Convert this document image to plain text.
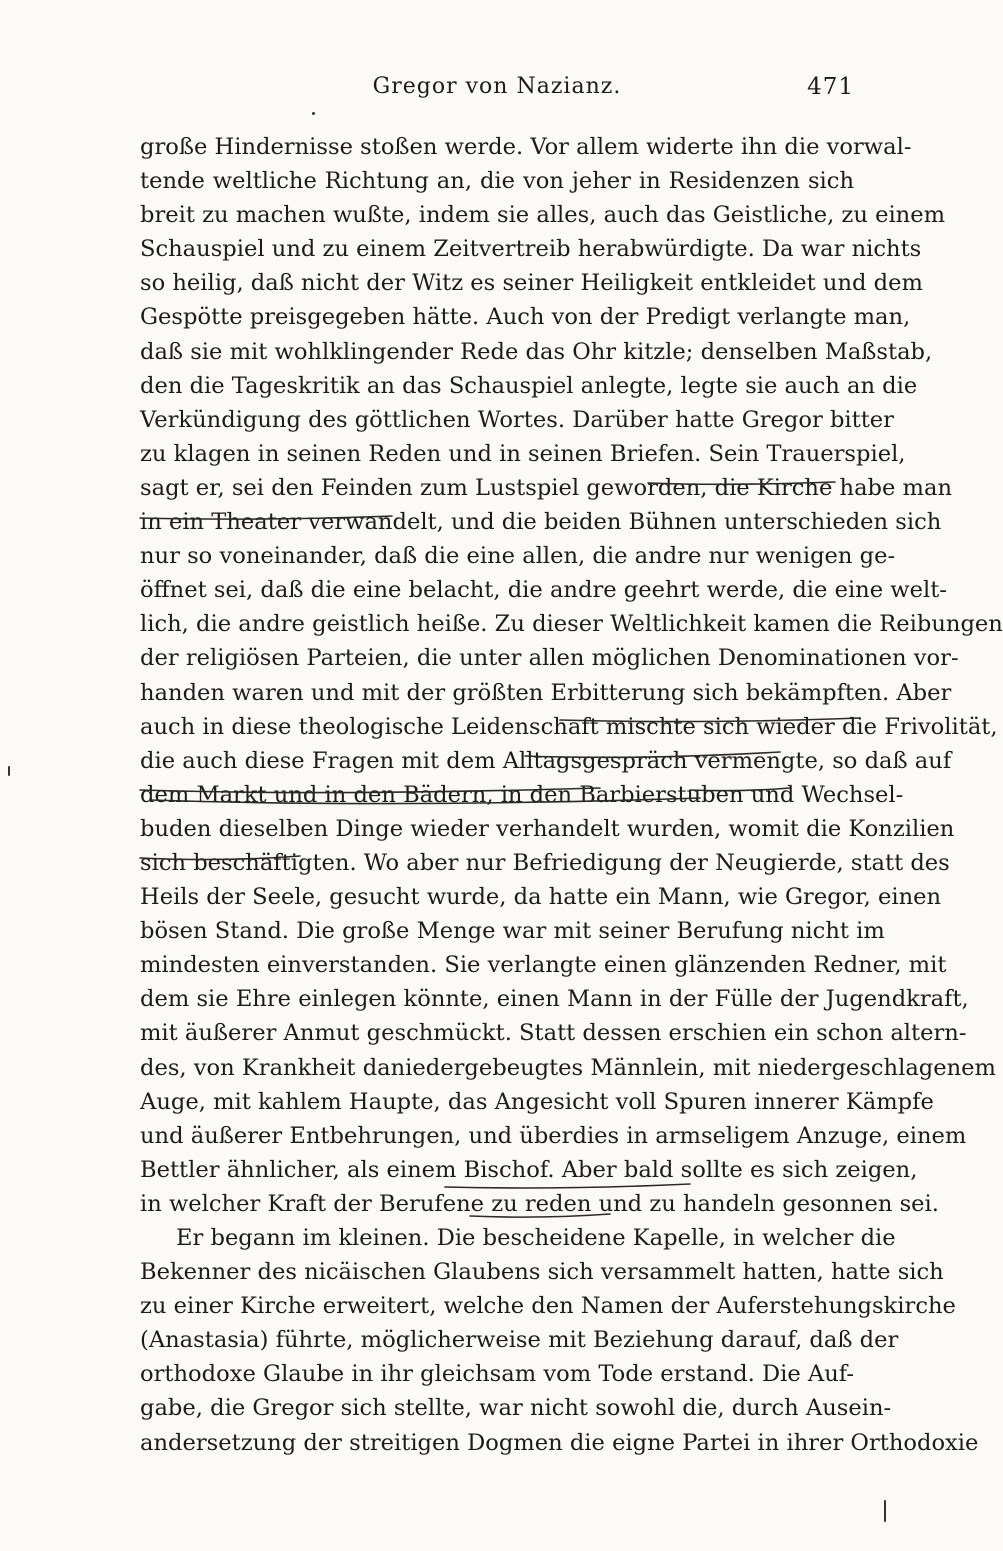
Gregor von Nazianz.	471
große Hindernisse stoßen werde. Vor allem widerte ihn die vorwal-
tende weltliche Richtung an, die von jeher in Residenzen sich
breit zu machen wußte, indem sie alles, auch das Geistliche, zu einem
Schauspiel und zu einem Zeitvertreib herabwürdigte. Da war nichts
so heilig, daß nicht der Witz es seiner Heiligkeit entkleidet und dem
Gespötte preisgegeben hätte. Auch von der Predigt verlangte man,
daß sie mit wohlklingender Rede das Ohr kitzle; denselben Maßstab,
den die Tageskritik an das Schauspiel anlegte, legte sie auch an die
Verkündigung des göttlichen Wortes. Darüber hatte Gregor bitter
zu klagen in seinen Reden und in seinen Briefen. Sein Trauerspiel,
sagt er, sei den Feinden zum Lustspiel geworden, die Kirche habe man
in ein Theater verwandelt, und die beiden Bühnen unterschieden sich
nur so voneinander, daß die eine allen, die andre nur wenigen ge-
öffnet sei, daß die eine belacht, die andre geehrt werde, die eine welt-
lich, die andre geistlich heiße. Zu dieser Weltlichkeit kamen die Reibungen
der religiösen Parteien, die unter allen möglichen Denominationen vor-
handen waren und mit der größten Erbitterung sich bekämpften. Aber
auch in diese theologische Leidenschaft mischte sich wieder die Frivolität,
die auch diese Fragen mit dem Alltagsgespräch vermengte, so daß auf
dem Markt und in den Bädern, in den Barbierstuben und Wechsel-
buden dieselben Dinge wieder verhandelt wurden, womit die Konzilien
sich beschäftigten. Wo aber nur Befriedigung der Neugierde, statt des
Heils der Seele, gesucht wurde, da hatte ein Mann, wie Gregor, einen
bösen Stand. Die große Menge war mit seiner Berufung nicht im
mindesten einverstanden. Sie verlangte einen glänzenden Redner, mit
dem sie Ehre einlegen könnte, einen Mann in der Fülle der Jugendkraft,
mit äußerer Anmut geschmückt. Statt dessen erschien ein schon altern-
des, von Krankheit daniedergebeugtes Männlein, mit niedergeschlagenem
Auge, mit kahlem Haupte, das Angesicht voll Spuren innerer Kämpfe
und äußerer Entbehrungen, und überdies in armseligem Anzuge, einem
Bettler ähnlicher, als einem Bischof. Aber bald sollte es sich zeigen,
in welcher Kraft der Berufene zu reden und zu handeln gesonnen sei.
Er begann im kleinen. Die bescheidene Kapelle, in welcher die
Bekenner des nicäischen Glaubens sich versammelt hatten, hatte sich
zu einer Kirche erweitert, welche den Namen der Auferstehungskirche
(Anastasia) führte, möglicherweise mit Beziehung darauf, daß der
orthodoxe Glaube in ihr gleichsam vom Tode erstand. Die Auf-
gabe, die Gregor sich stellte, war nicht sowohl die, durch Ausein-
andersetzung der streitigen Dogmen die eigne Partei in ihrer Orthodoxie
